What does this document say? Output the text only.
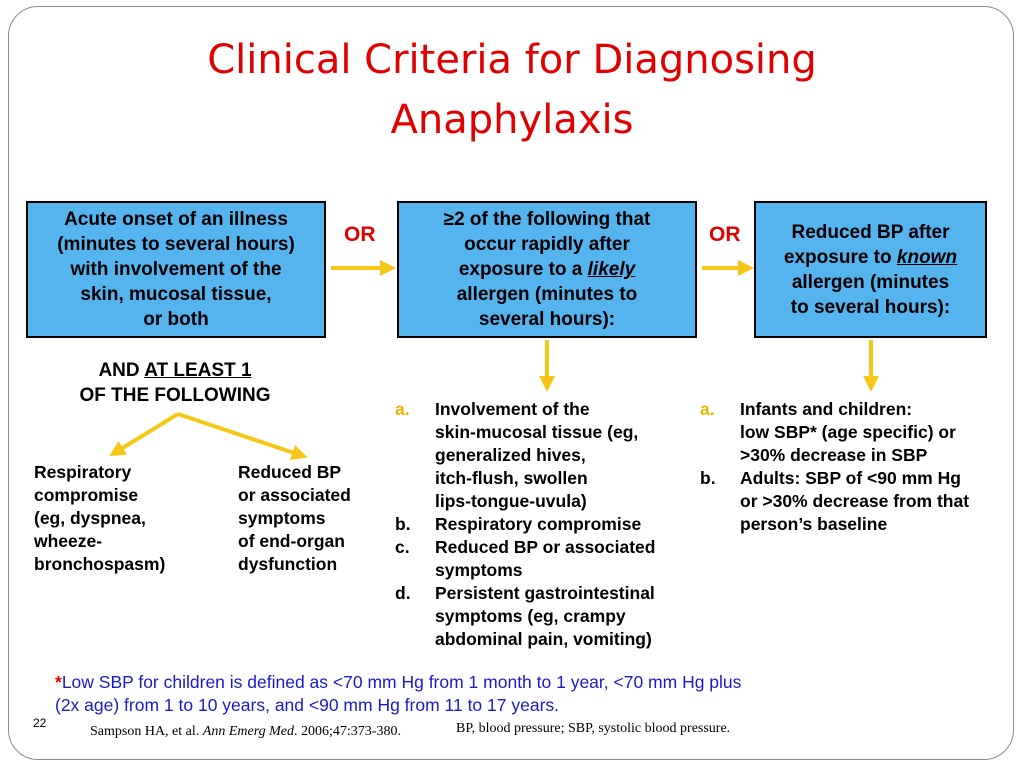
Clinical Criteria for Diagnosing
Anaphylaxis
Acute onset of an illness
(minutes to several hours)
with involvement of the
skin, mucosal tissue,
or both
OR
≥2 of the following that
occur rapidly after
exposure to a likely
allergen (minutes to
several hours):
OR	Reduced BP after
exposure to known
allergen (minutes
to several hours):
AND AT LEAST 1
OF THE FOLLOWING
Respiratory
compromise
(eg, dyspnea,
wheeze-
bronchospasm)
Reduced BP
or associated
symptoms
of end-organ
dysfunction
a.	Involvement of the
skin-mucosal tissue (eg,
generalized hives,
itch-flush, swollen
lips-tongue-uvula)
b.	Respiratory compromise
c.	Reduced BP or associated
symptoms
d.	Persistent gastrointestinal
symptoms (eg, crampy
abdominal pain, vomiting)
a.	Infants and children:
low SBP* (age specific) or
>30% decrease in SBP
b.	Adults: SBP of <90 mm Hg
or >30% decrease from that
person’s baseline
*Low SBP for children is defined as <70 mm Hg from 1 month to 1 year, <70 mm Hg plus
(2x age) from 1 to 10 years, and <90 mm Hg from 11 to 17 years.
22
Sampson HA, et al. Ann Emerg Med. 2006;47:373-380.	BP, blood pressure; SBP, systolic blood pressure.
